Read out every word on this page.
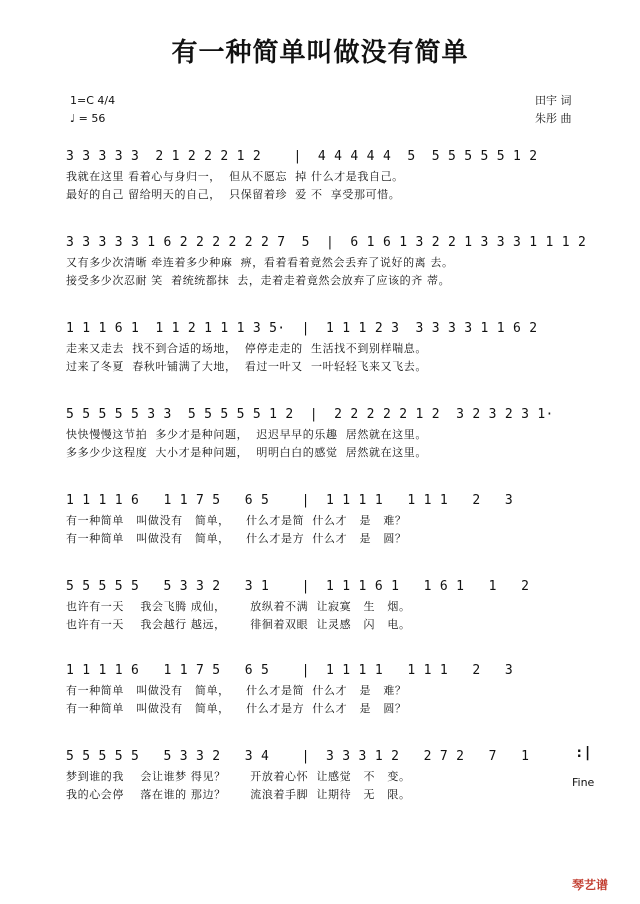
有一种简单叫做没有简单
1=C 4/4
♩ = 56
田宇 词
朱彤 曲
3 3 3 3 3  2 1 2 2 2 1 2    |  4 4 4 4 4  5  5 5 5 5 5 1 2
我就在这里 看着心与身归一，  但从不愿忘  掉 什么才是我自己。
最好的自己 留给明天的自己，  只保留着珍  爱 不  享受那可惜。
3 3 3 3 3 1 6 2 2 2 2 2 2 7  5  |  6 1 6 1 3 2 2 1 3 3 3 1 1 1 2
又有多少次清晰 牵连着多少种麻  痹，看着看着竟然会丢弃了说好的离 去。
接受多少次忍耐 笑  着统统都抹  去，走着走着竟然会放弃了应该的齐 蒂。
1 1 1 6 1  1 1 2 1 1 1 3 5·  |  1 1 1 2 3  3 3 3 3 1 1 6 2
走来又走去  找不到合适的场地，  停停走走的  生活找不到别样喘息。
过来了冬夏  春秋叶铺满了大地，  看过一叶又  一叶轻轻飞来又飞去。
5 5 5 5 5 3 3  5 5 5 5 5 1 2  |  2 2 2 2 2 1 2  3 2 3 2 3 1·
快快慢慢这节拍  多少才是种问题，  迟迟早早的乐趣  居然就在这里。
多多少少这程度  大小才是种问题，  明明白白的感觉  居然就在这里。
1 1 1 1 6   1 1 7 5   6 5    |  1 1 1 1   1 1 1   2   3
有一种简单   叫做没有   简单，    什么才是简  什么才   是   难？
有一种简单   叫做没有   简单，    什么才是方  什么才   是   圆？
5 5 5 5 5   5 3 3 2   3 1    |  1 1 1 6 1   1 6 1   1   2
也许有一天    我会飞腾 成仙，      放纵着不满  让寂寞   生   烟。
也许有一天    我会越行 越远，      徘徊着双眼  让灵感   闪   电。
1 1 1 1 6   1 1 7 5   6 5    |  1 1 1 1   1 1 1   2   3
有一种简单   叫做没有   简单，    什么才是简  什么才   是   难？
有一种简单   叫做没有   简单，    什么才是方  什么才   是   圆？
5 5 5 5 5   5 3 3 2   3 4    |  3 3 3 1 2   2 7 2   7   1
梦到谁的我    会让谁梦 得见？      开放着心怀  让感觉   不   变。
我的心会停    落在谁的 那边？      流浪着手脚  让期待   无   限。
:|
Fine
琴艺谱
